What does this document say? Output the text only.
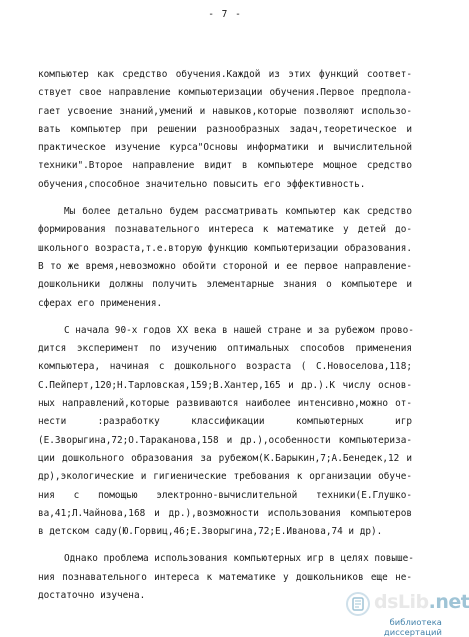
- 7 -
компьютер как средство обучения.Каждой из этих функций соответ-
ствует свое направление компьютеризации обучения.Первое предпола-
гает усвоение знаний,умений и навыков,которые позволяют использо-
вать компьютер при решении разнообразных задач,теоретическое и
практическое изучение курса"Основы информатики и вычислительной
техники".Второе направление видит в компьютере мощное средство
обучения,способное значительно повысить его эффективность.
Мы более детально будем рассматривать компьютер как средство
формирования познавательного интереса к математике у детей до-
школьного возраста,т.е.вторую функцию компьютеризации образования.
В то же время,невозможно обойти стороной и ее первое направление-
дошкольники должны получить элементарные знания о компьютере и
сферах его применения.
С начала 90-х годов XX века в нашей стране и за рубежом прово-
дится эксперимент по изучению оптимальных способов применения
компьютера, начиная с дошкольного возраста ( С.Новоселова,118;
С.Пейперт,120;Н.Тарловская,159;В.Хантер,165 и др.).К числу основ-
ных направлений,которые развиваются наиболее интенсивно,можно от-
нести :разработку классификации компьютерных игр
(Е.Зворыгина,72;О.Тараканова,158 и др.),особенности компьютериза-
ции дошкольного образования за рубежом(К.Барыкин,7;А.Бенедек,12 и
др),экологические и гигиенические требования к организации обуче-
ния с помощью электронно-вычислительной техники(Е.Глушко-
ва,41;Л.Чайнова,168 и др.),возможности использования компьютеров
в детском саду(Ю.Горвиц,46;Е.Зворыгина,72;Е.Иванова,74 и др).
Однако проблема использования компьютерных игр в целях повыше-
ния познавательного интереса к математике у дошкольников еще не-
достаточно изучена.	dsLib.net
библиотека диссертаций
